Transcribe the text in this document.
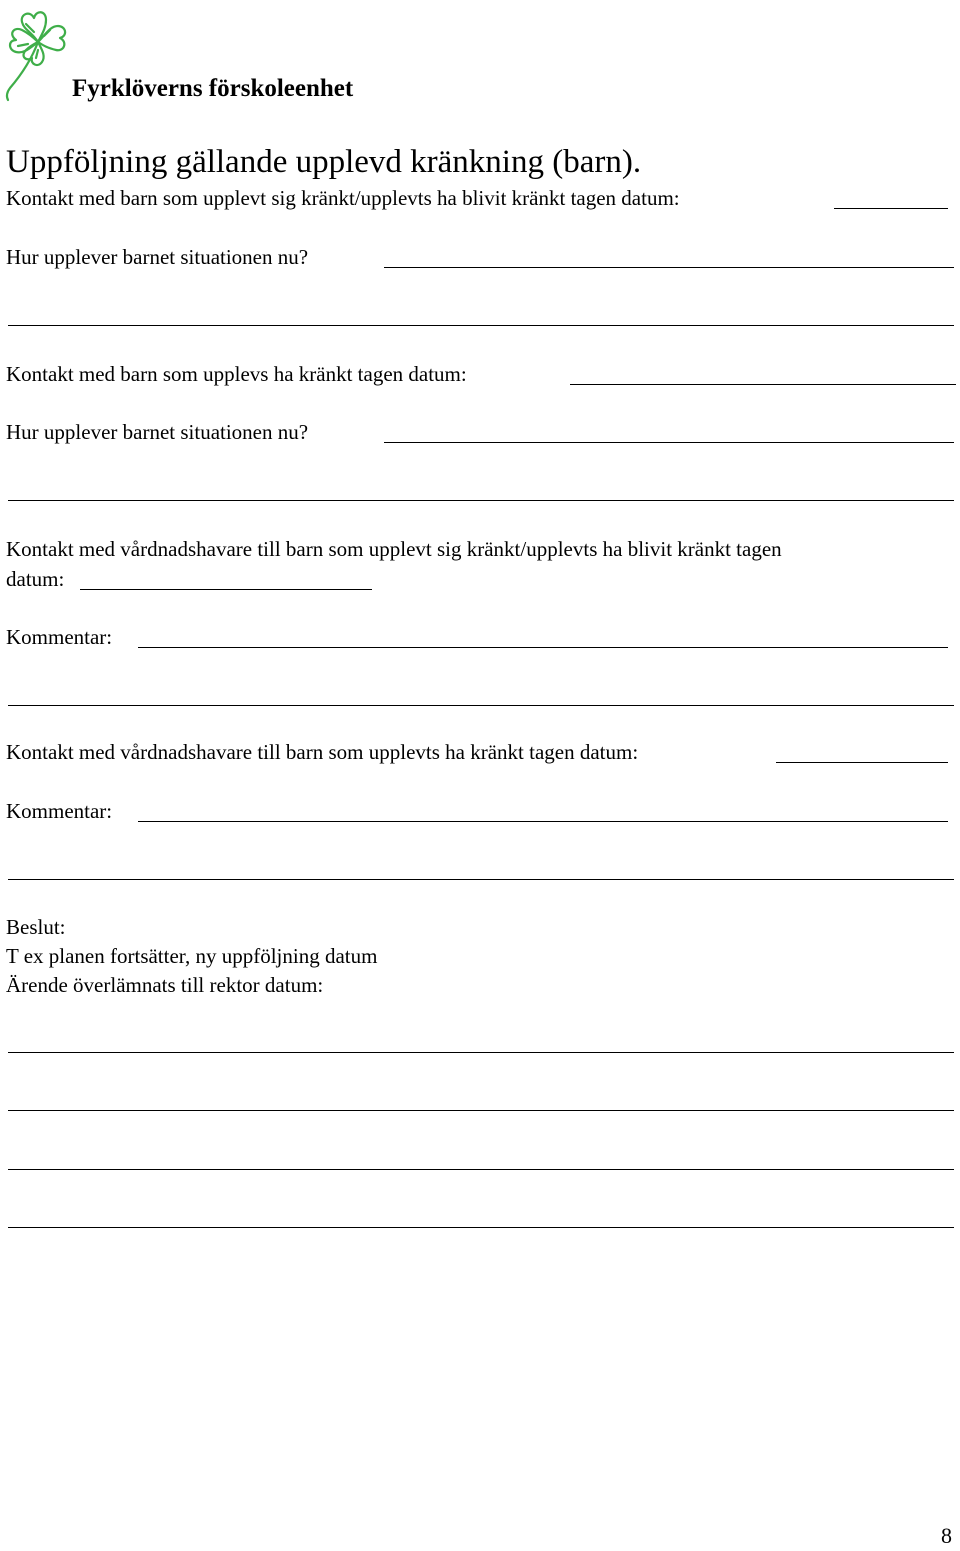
Fyrklöverns förskoleenhet
Uppföljning gällande upplevd kränkning (barn).
Kontakt med barn som upplevt sig kränkt/upplevts ha blivit kränkt tagen datum:
Hur upplever barnet situationen nu?
Kontakt med barn som upplevs ha kränkt tagen datum:
Hur upplever barnet situationen nu?
Kontakt med vårdnadshavare till barn som upplevt sig kränkt/upplevts ha blivit kränkt tagen
datum:
Kommentar:
Kontakt med vårdnadshavare till barn som upplevts ha kränkt tagen datum:
Kommentar:
Beslut:
T ex planen fortsätter, ny uppföljning datum
Ärende överlämnats till rektor datum:
8
